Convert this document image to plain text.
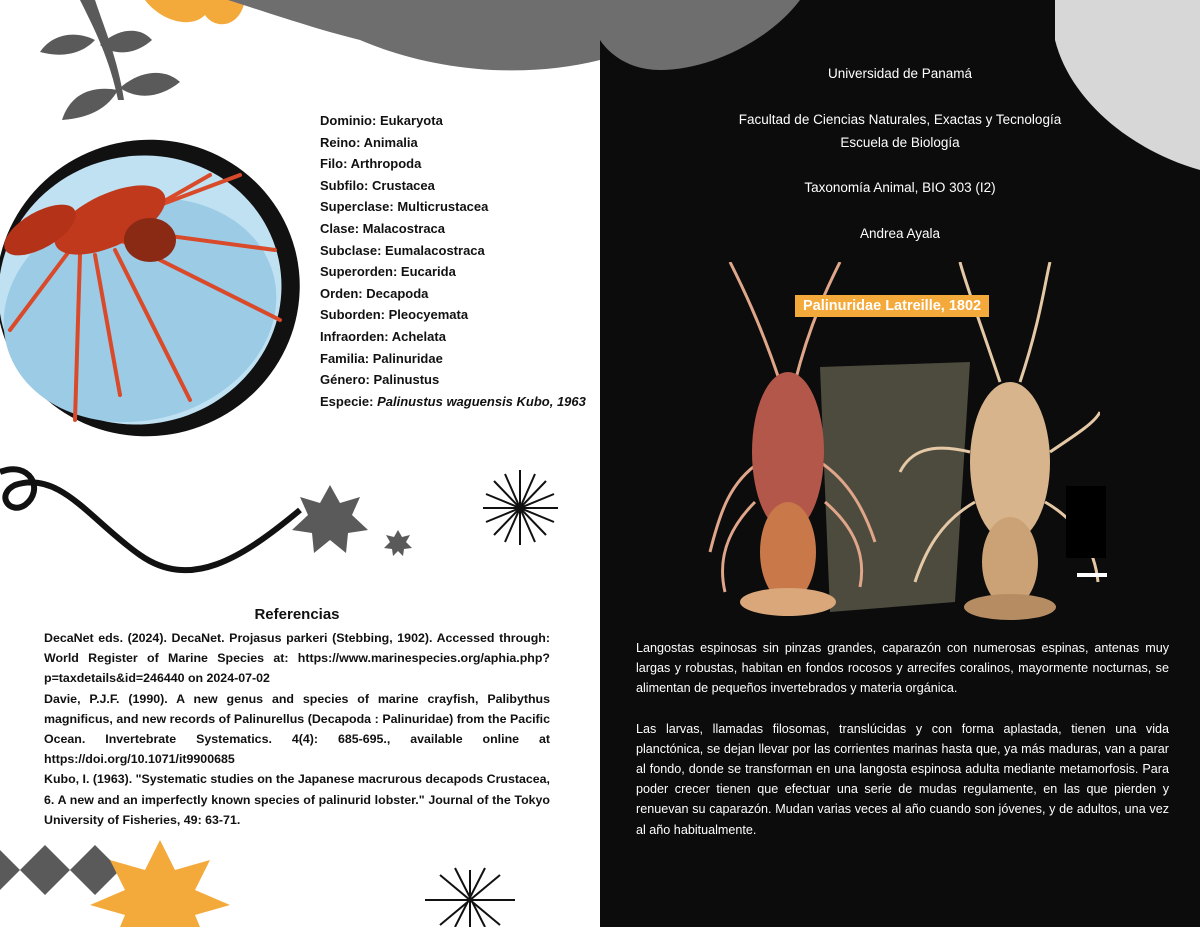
Dominio: Eukaryota
Reino: Animalia
Filo: Arthropoda
Subfilo: Crustacea
Superclase: Multicrustacea
Clase: Malacostraca
Subclase: Eumalacostraca
Superorden: Eucarida
Orden: Decapoda
Suborden: Pleocyemata
Infraorden: Achelata
Familia: Palinuridae
Género: Palinustus
Especie: Palinustus waguensis Kubo, 1963
Referencias

DecaNet eds. (2024). DecaNet. Projasus parkeri (Stebbing, 1902). Accessed through: World Register of Marine Species at: https://www.marinespecies.org/aphia.php?p=taxdetails&id=246440 on 2024-07-02

Davie, P.J.F. (1990). A new genus and species of marine crayfish, Palibythus magnificus, and new records of Palinurellus (Decapoda : Palinuridae) from the Pacific Ocean. Invertebrate Systematics. 4(4): 685-695., available online at https://doi.org/10.1071/it9900685

Kubo, I. (1963). "Systematic studies on the Japanese macrurous decapods Crustacea, 6. A new and an imperfectly known species of palinurid lobster." Journal of the Tokyo University of Fisheries, 49: 63-71.

Universidad de Panamá
Facultad de Ciencias Naturales, Exactas y Tecnología
Escuela de Biología
Taxonomía Animal, BIO 303 (I2)
Andrea Ayala
Palinuridae Latreille, 1802

Langostas espinosas sin pinzas grandes, caparazón con numerosas espinas, antenas muy largas y robustas, habitan en fondos rocosos y arrecifes coralinos, mayormente nocturnas, se alimentan de pequeños invertebrados y materia orgánica.

Las larvas, llamadas filosomas, translúcidas y con forma aplastada, tienen una vida planctónica, se dejan llevar por las corrientes marinas hasta que, ya más maduras, van a parar al fondo, donde se transforman en una langosta espinosa adulta mediante metamorfosis. Para poder crecer tienen que efectuar una serie de mudas regulamente, en las que pierden y renuevan su caparazón. Mudan varias veces al año cuando son jóvenes, y de adultos, una vez al año habitualmente.
